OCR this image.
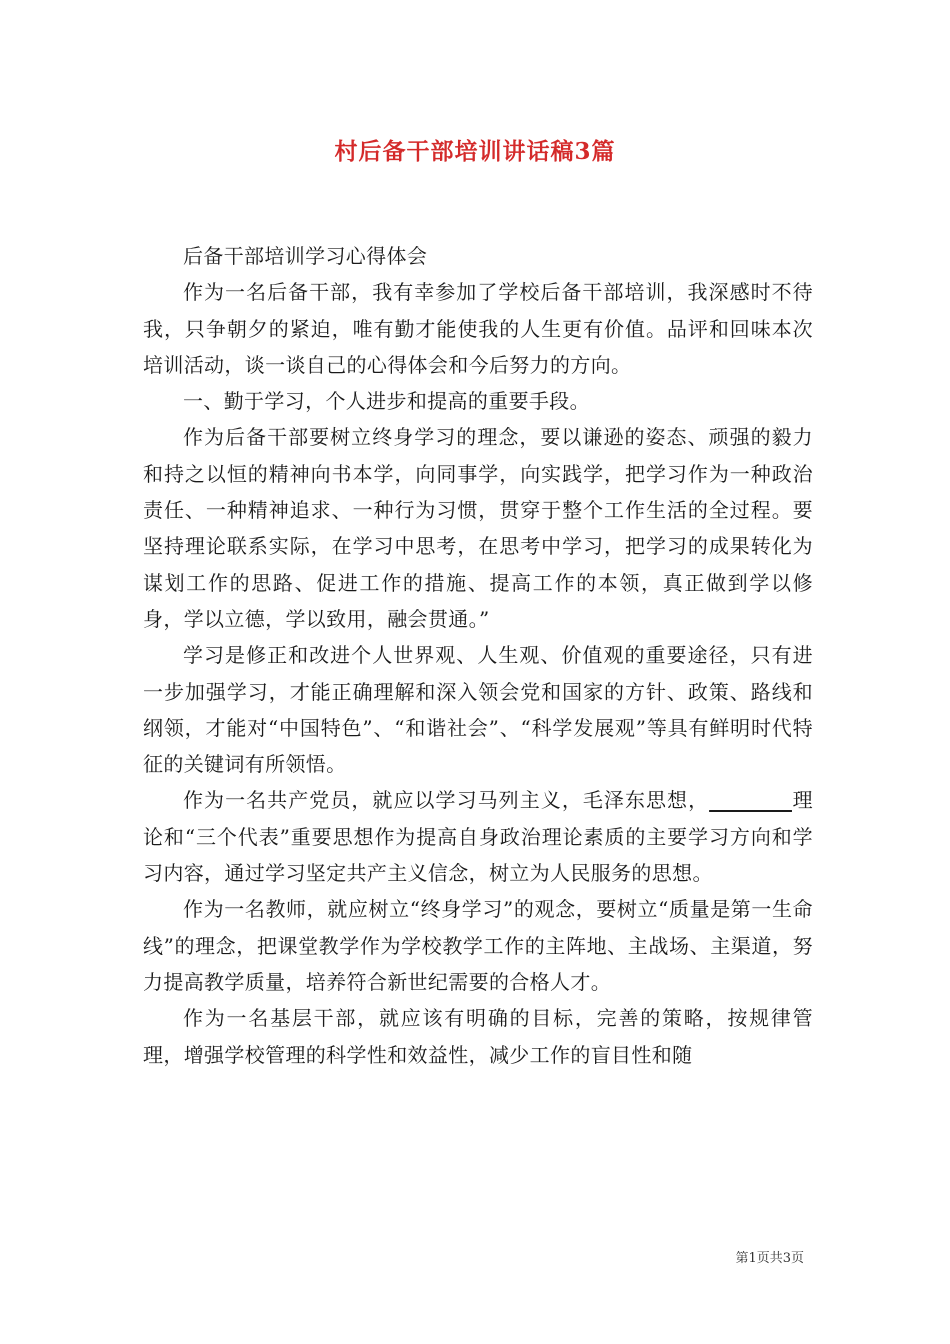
村后备干部培训讲话稿3篇

后备干部培训学习心得体会

作为一名后备干部，我有幸参加了学校后备干部培训，我深感时不待我，只争朝夕的紧迫，唯有勤才能使我的人生更有价值。品评和回味本次培训活动，谈一谈自己的心得体会和今后努力的方向。

一、勤于学习，个人进步和提高的重要手段。

作为后备干部要树立终身学习的理念，要以谦逊的姿态、顽强的毅力和持之以恒的精神向书本学，向同事学，向实践学，把学习作为一种政治责任、一种精神追求、一种行为习惯，贯穿于整个工作生活的全过程。要坚持理论联系实际，在学习中思考，在思考中学习，把学习的成果转化为谋划工作的思路、促进工作的措施、提高工作的本领，真正做到学以修身，学以立德，学以致用，融会贯通。”

学习是修正和改进个人世界观、人生观、价值观的重要途径，只有进一步加强学习，才能正确理解和深入领会党和国家的方针、政策、路线和纲领，才能对“中国特色”、“和谐社会”、“科学发展观”等具有鲜明时代特征的关键词有所领悟。

作为一名共产党员，就应以学习马列主义，毛泽东思想，________理论和“三个代表”重要思想作为提高自身政治理论素质的主要学习方向和学习内容，通过学习坚定共产主义信念，树立为人民服务的思想。

作为一名教师，就应树立“终身学习”的观念，要树立“质量是第一生命线”的理念，把课堂教学作为学校教学工作的主阵地、主战场、主渠道，努力提高教学质量，培养符合新世纪需要的合格人才。

作为一名基层干部，就应该有明确的目标，完善的策略，按规律管理，增强学校管理的科学性和效益性，减少工作的盲目性和随

第1页共3页
